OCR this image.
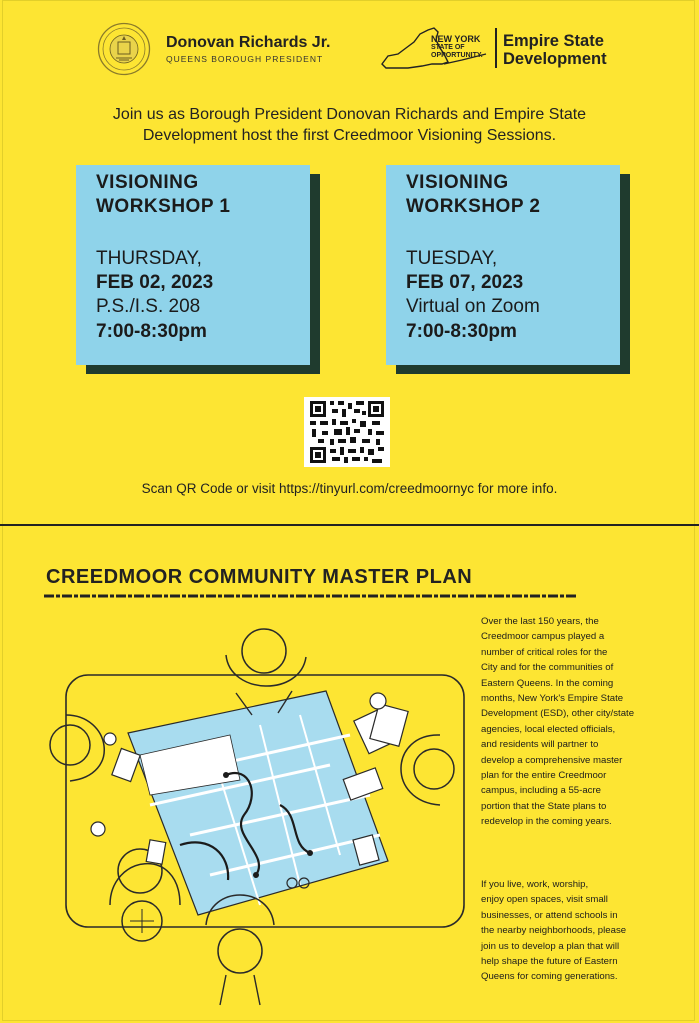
Donovan Richards Jr.
QUEENS BOROUGH PRESIDENT
NEW YORK
STATE OF
OPPORTUNITY.
Empire State
Development
Join us as Borough President Donovan Richards and Empire State
Development host the first Creedmoor Visioning Sessions.
VISIONING
WORKSHOP 1
THURSDAY,
FEB 02, 2023
P.S./I.S. 208
7:00-8:30pm
VISIONING
WORKSHOP 2
TUESDAY,
FEB 07, 2023
Virtual on Zoom
7:00-8:30pm
Scan QR Code or visit https://tinyurl.com/creedmoornyc for more info.
CREEDMOOR COMMUNITY MASTER PLAN
Over the last 150 years, the
Creedmoor campus played a
number of critical roles for the
City and for the communities of
Eastern Queens. In the coming
months, New York's Empire State
Development (ESD), other city/state
agencies, local elected officials,
and residents will partner to
develop a comprehensive master
plan for the entire Creedmoor
campus, including a 55-acre
portion that the State plans to
redevelop in the coming years.
If you live, work, worship,
enjoy open spaces, visit small
businesses, or attend schools in
the nearby neighborhoods, please
join us to develop a plan that will
help shape the future of Eastern
Queens for coming generations.
